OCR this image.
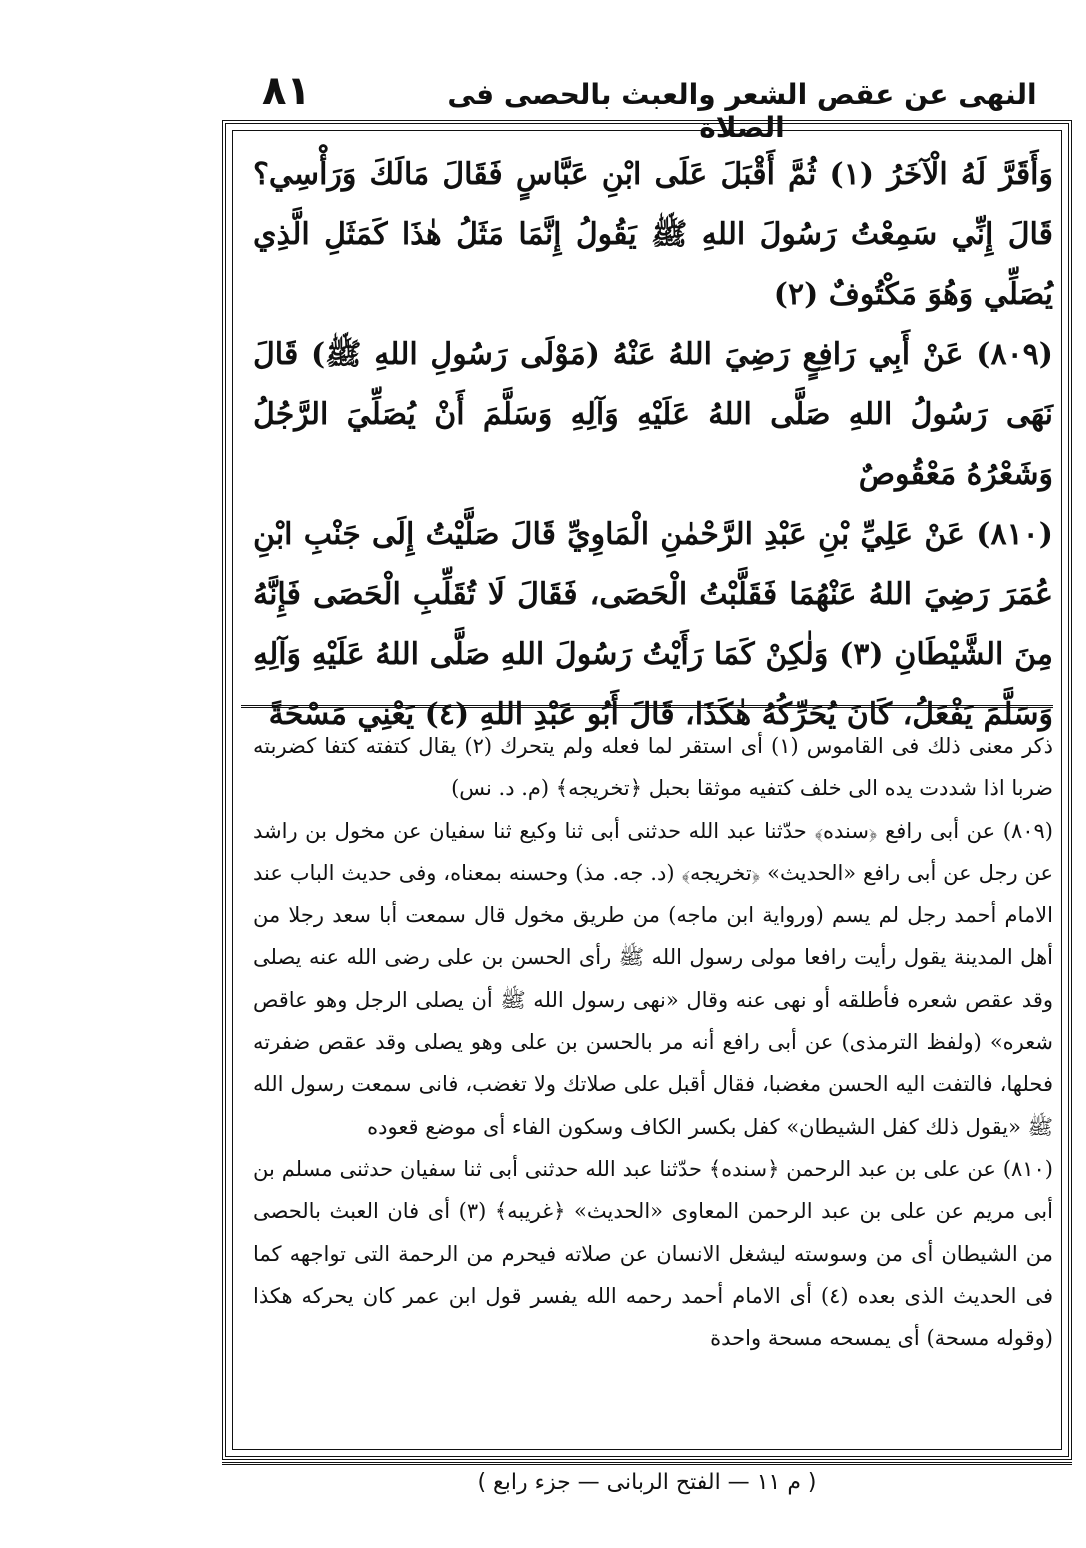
٨١	النهى عن عقص الشعر والعبث بالحصى فى الصلاة

وَأَقَرَّ لَهُ الْآخَرُ (١) ثُمَّ أَقْبَلَ عَلَى ابْنِ عَبَّاسٍ فَقَالَ مَالَكَ وَرَأْسِي؟ قَالَ إِنِّي سَمِعْتُ رَسُولَ اللهِ ﷺ يَقُولُ إِنَّمَا مَثَلُ هٰذَا كَمَثَلِ الَّذِي يُصَلِّي وَهُوَ مَكْتُوفٌ (٢)

(٨٠٩) عَنْ أَبِي رَافِعٍ رَضِيَ اللهُ عَنْهُ (مَوْلَى رَسُولِ اللهِ ﷺ) قَالَ نَهَى رَسُولُ اللهِ صَلَّى اللهُ عَلَيْهِ وَآلِهِ وَسَلَّمَ أَنْ يُصَلِّيَ الرَّجُلُ وَشَعْرُهُ مَعْقُوصٌ

(٨١٠) عَنْ عَلِيِّ بْنِ عَبْدِ الرَّحْمٰنِ الْمَاوِيِّ قَالَ صَلَّيْتُ إِلَى جَنْبِ ابْنِ عُمَرَ رَضِيَ اللهُ عَنْهُمَا فَقَلَّبْتُ الْحَصَى، فَقَالَ لَا تُقَلِّبِ الْحَصَى فَإِنَّهُ مِنَ الشَّيْطَانِ (٣) وَلٰكِنْ كَمَا رَأَيْتُ رَسُولَ اللهِ صَلَّى اللهُ عَلَيْهِ وَآلِهِ وَسَلَّمَ يَفْعَلُ، كَانَ يُحَرِّكُهُ هٰكَذَا، قَالَ أَبُو عَبْدِ اللهِ (٤) يَعْنِي مَسْحَةً

ذكر معنى ذلك فى القاموس (١) أى استقر لما فعله ولم يتحرك (٢) يقال كتفته كتفا كضربته ضربا اذا شددت يده الى خلف كتفيه موثقا بحبل ﴿تخريجه﴾ (م. د. نس)

(٨٠٩) عن أبى رافع ﴿سنده﴾ حدّثنا عبد الله حدثنى أبى ثنا وكيع ثنا سفيان عن مخول بن راشد عن رجل عن أبى رافع «الحديث» ﴿تخريجه﴾ (د. جه. مذ) وحسنه بمعناه، وفى حديث الباب عند الامام أحمد رجل لم يسم (ورواية ابن ماجه) من طريق مخول قال سمعت أبا سعد رجلا من أهل المدينة يقول رأيت رافعا مولى رسول الله ﷺ رأى الحسن بن على رضى الله عنه يصلى وقد عقص شعره فأطلقه أو نهى عنه وقال «نهى رسول الله ﷺ أن يصلى الرجل وهو عاقص شعره» (ولفظ الترمذى) عن أبى رافع أنه مر بالحسن بن على وهو يصلى وقد عقص ضفرته فحلها، فالتفت اليه الحسن مغضبا، فقال أقبل على صلاتك ولا تغضب، فانى سمعت رسول الله ﷺ «يقول ذلك كفل الشيطان» كفل بكسر الكاف وسكون الفاء أى موضع قعوده

(٨١٠) عن على بن عبد الرحمن ﴿سنده﴾ حدّثنا عبد الله حدثنى أبى ثنا سفيان حدثنى مسلم بن أبى مريم عن على بن عبد الرحمن المعاوى «الحديث» ﴿غريبه﴾ (٣) أى فان العبث بالحصى من الشيطان أى من وسوسته ليشغل الانسان عن صلاته فيحرم من الرحمة التى تواجهه كما فى الحديث الذى بعده (٤) أى الامام أحمد رحمه الله يفسر قول ابن عمر كان يحركه هكذا (وقوله مسحة) أى يمسحه مسحة واحدة

( م ١١ — الفتح الربانى — جزء رابع )
